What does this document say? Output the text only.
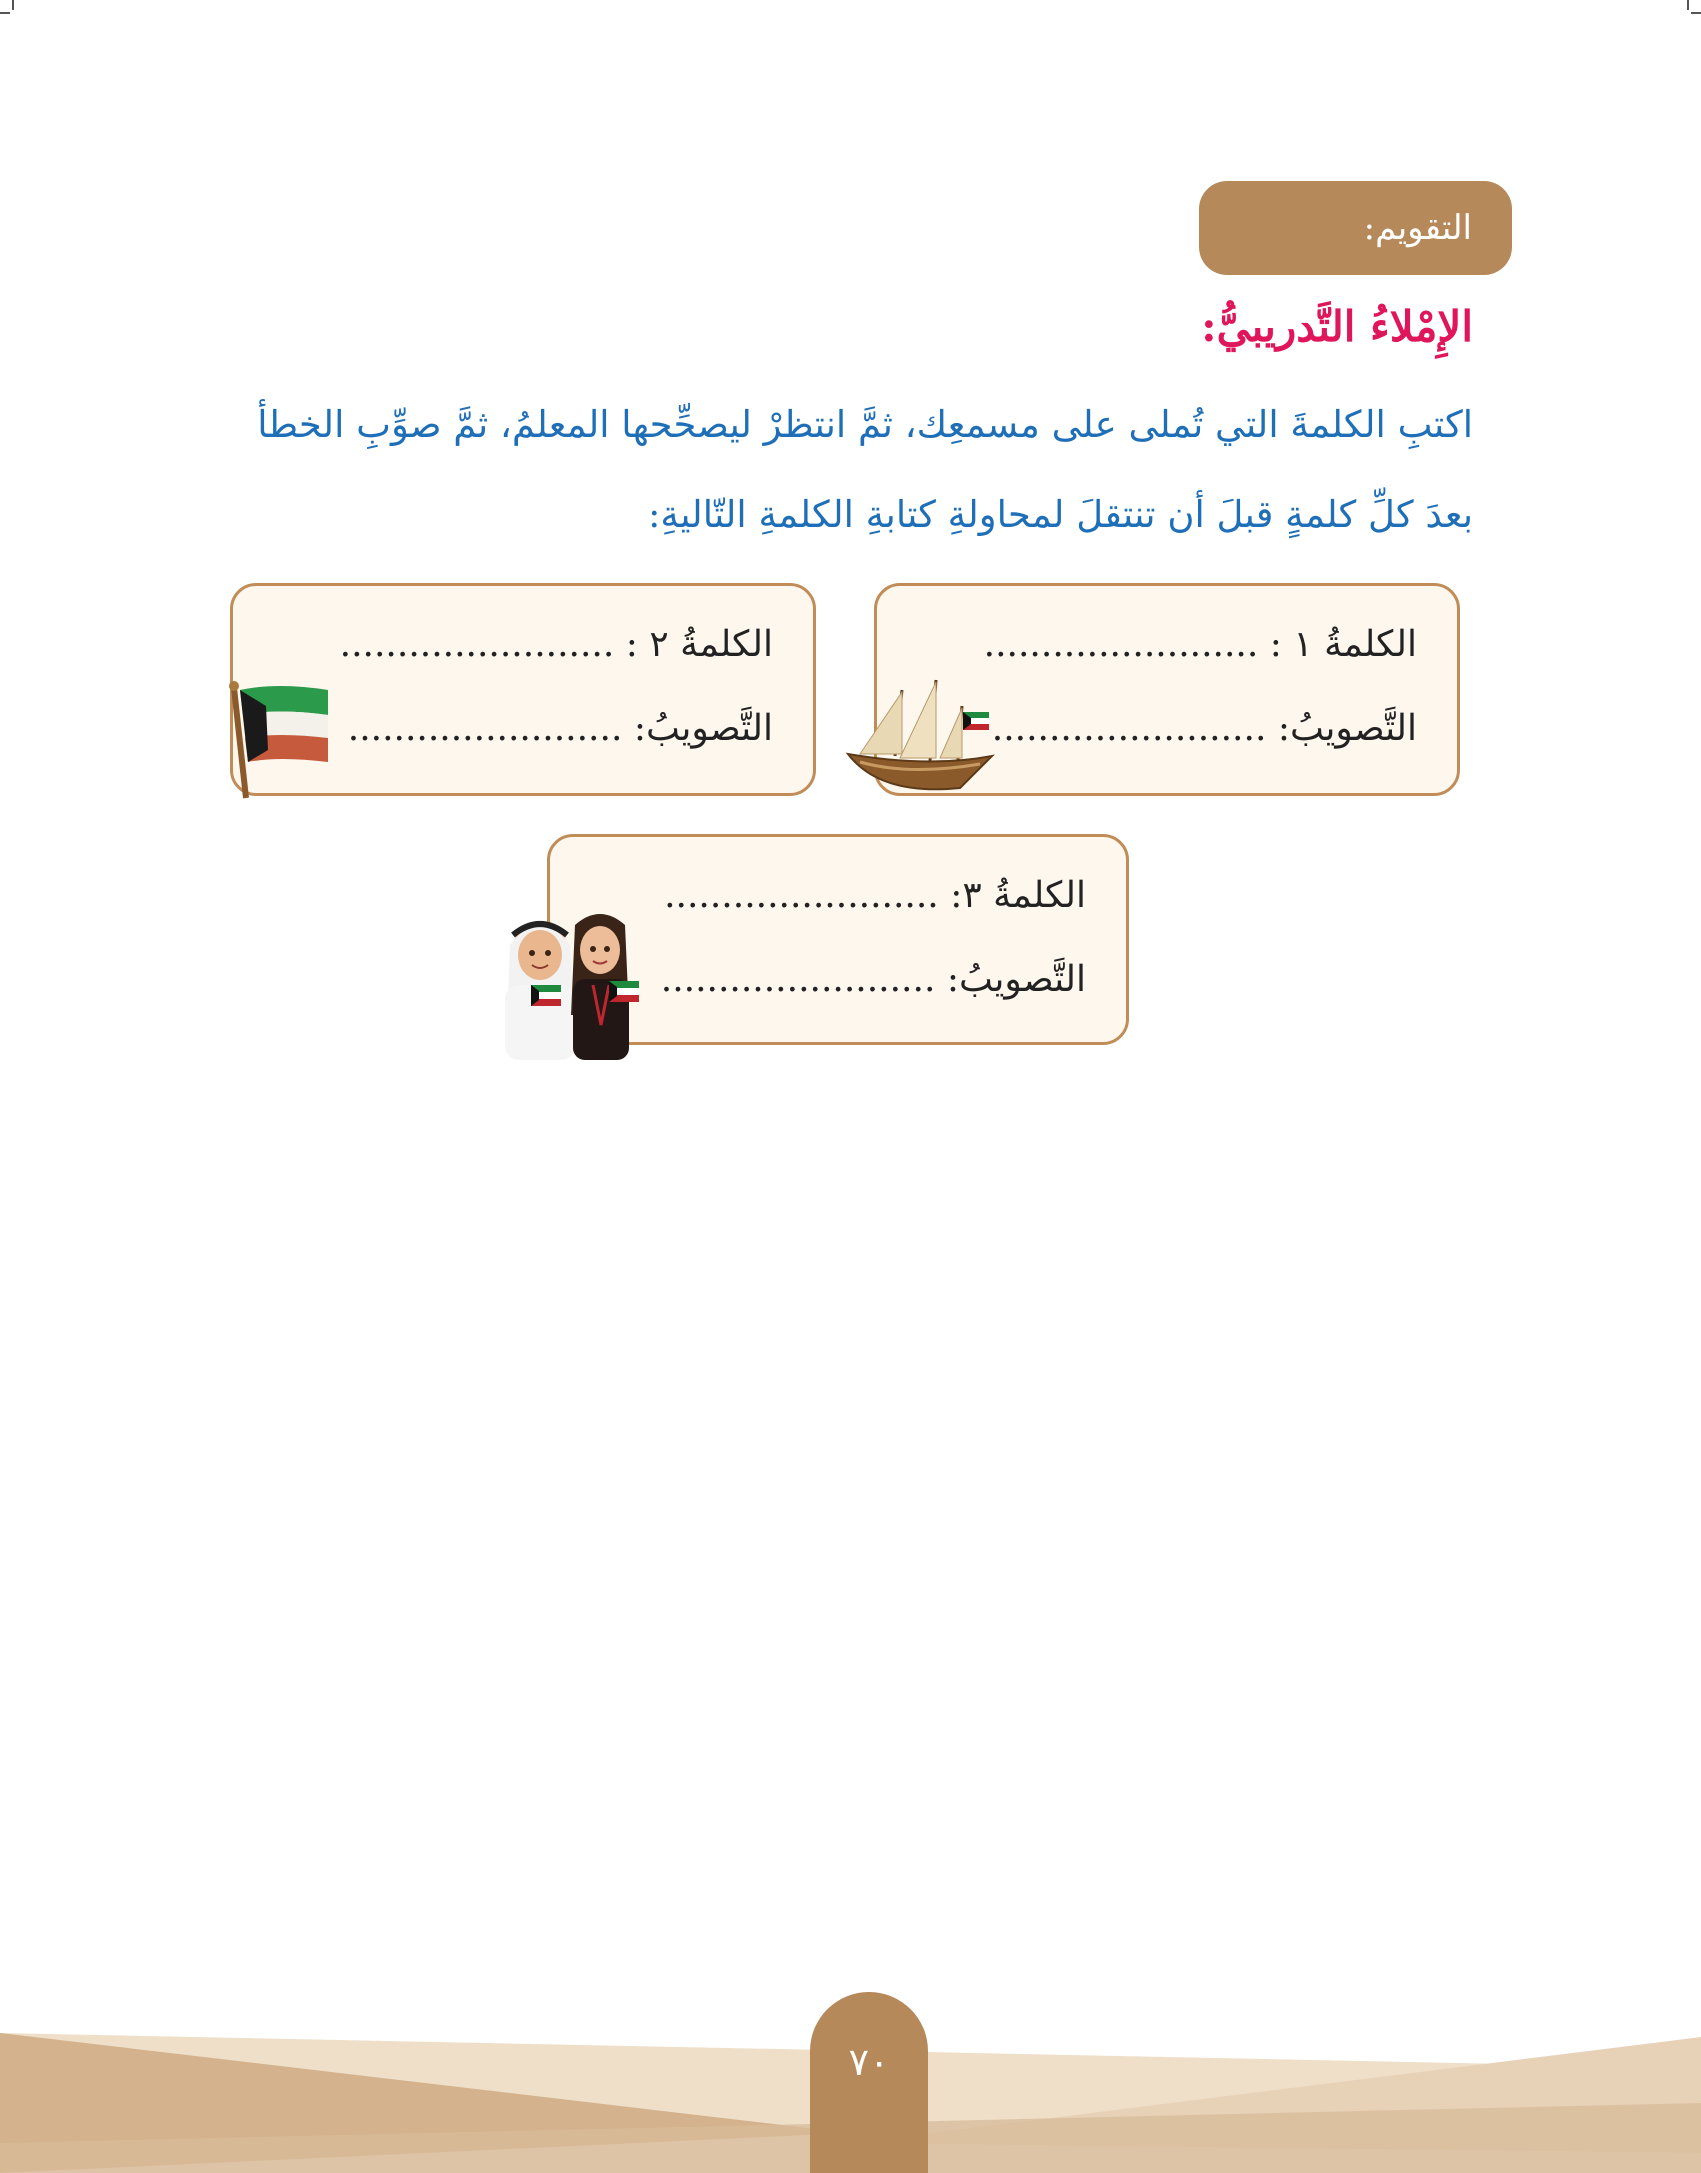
التقويم:
الإِمْلاءُ التَّدريبيُّ:
اكتبِ الكلمةَ التي تُملى على مسمعِك، ثمَّ انتظرْ ليصحِّحها المعلمُ، ثمَّ صوِّبِ الخطأ
بعدَ كلِّ كلمةٍ قبلَ أن تنتقلَ لمحاولةِ كتابةِ الكلمةِ التّاليةِ:
الكلمةُ ١ : ........................
التَّصويبُ: ........................
الكلمةُ ٢ : ........................
التَّصويبُ: ........................
الكلمةُ ٣: ........................
التَّصويبُ: ........................
٧٠
